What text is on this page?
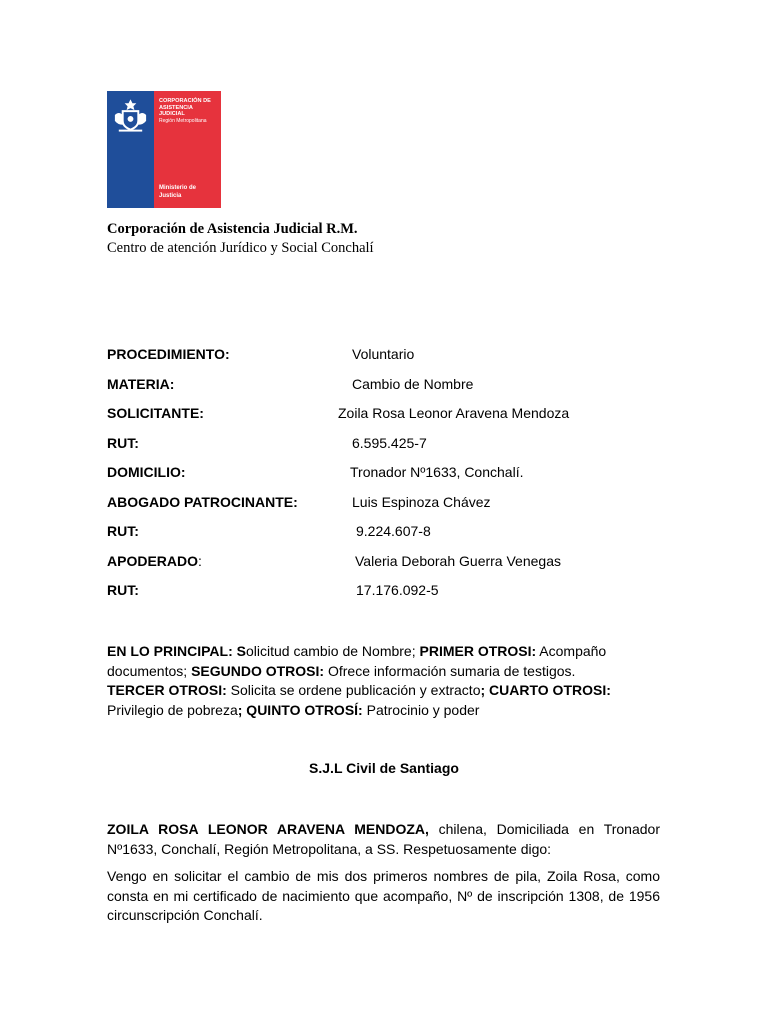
CORPORACIÓN DE
ASISTENCIA
JUDICIAL
Región Metropolitana
Ministerio de
Justicia
Corporación de Asistencia Judicial R.M.
Centro de atención Jurídico y Social Conchalí
PROCEDIMIENTO:	Voluntario
MATERIA:	Cambio de Nombre
SOLICITANTE:	Zoila Rosa Leonor Aravena Mendoza
RUT:	6.595.425-7
DOMICILIO:	Tronador Nº1633, Conchalí.
ABOGADO PATROCINANTE:	Luis Espinoza Chávez
RUT:	9.224.607-8
APODERADO:	Valeria Deborah Guerra Venegas
RUT:	17.176.092-5
EN LO PRINCIPAL: Solicitud cambio de Nombre; PRIMER OTROSI: Acompaño documentos; SEGUNDO OTROSI: Ofrece información sumaria de testigos.
TERCER OTROSI: Solicita se ordene publicación y extracto; CUARTO OTROSI: Privilegio de pobreza; QUINTO OTROSÍ: Patrocinio y poder
S.J.L Civil de Santiago
ZOILA ROSA LEONOR ARAVENA MENDOZA, chilena, Domiciliada en Tronador Nº1633, Conchalí, Región Metropolitana, a SS. Respetuosamente digo:
Vengo en solicitar el cambio de mis dos primeros nombres de pila, Zoila Rosa, como consta en mi certificado de nacimiento que acompaño, Nº de inscripción 1308, de 1956 circunscripción Conchalí.
